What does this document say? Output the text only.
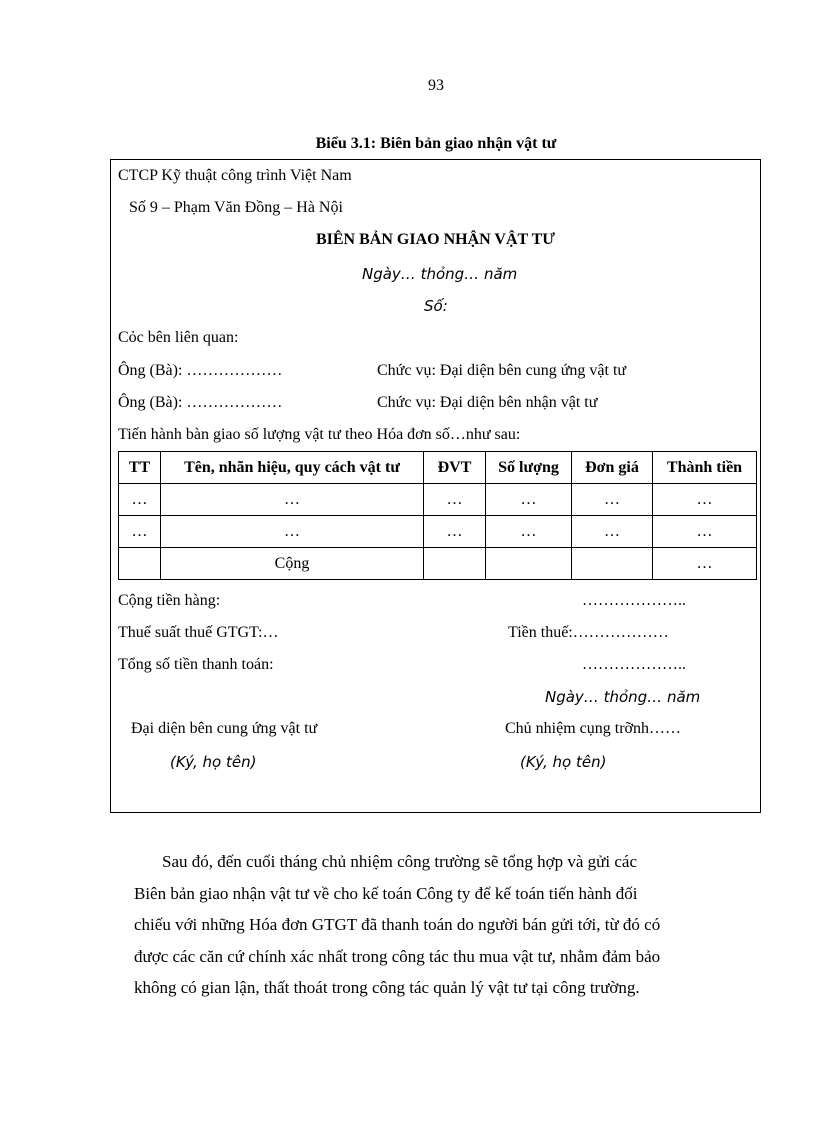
93
Biểu 3.1: Biên bản giao nhận vật tư
CTCP Kỹ thuật công trình Việt Nam
Số 9 – Phạm Văn Đồng – Hà Nội
BIÊN BẢN GIAO NHẬN VẬT TƯ
Ngày… thỏng… năm
Số:
Cỏc bên liên quan:
Ông (Bà): ………………	Chức vụ: Đại diện bên cung ứng vật tư
Ông (Bà): ………………	Chức vụ: Đại diện bên nhận vật tư
Tiến hành bàn giao số lượng vật tư theo Hóa đơn số…như sau:
TT	Tên, nhãn hiệu, quy cách vật tư	ĐVT	Số lượng	Đơn giá	Thành tiền
…	…	…	…	…	…
…	…	…	…	…	…
	Cộng				…
Cộng tiền hàng:	………………..
Thuế suất thuế GTGT:…	Tiền thuế:………………
Tổng số tiền thanh toán:	………………..
Ngày… thỏng… năm
Đại diện bên cung ứng vật tư
(Ký, họ tên)
Chủ nhiệm cụng trỡnh……
(Ký, họ tên)

Sau đó, đến cuối tháng chủ nhiệm công trường sẽ tổng hợp và gửi các
Biên bản giao nhận vật tư về cho kế toán Công ty để kế toán tiến hành đối
chiếu với những Hóa đơn GTGT đã thanh toán do người bán gửi tới, từ đó có
được các căn cứ chính xác nhất trong công tác thu mua vật tư, nhằm đảm bảo
không có gian lận, thất thoát trong công tác quản lý vật tư tại công trường.
